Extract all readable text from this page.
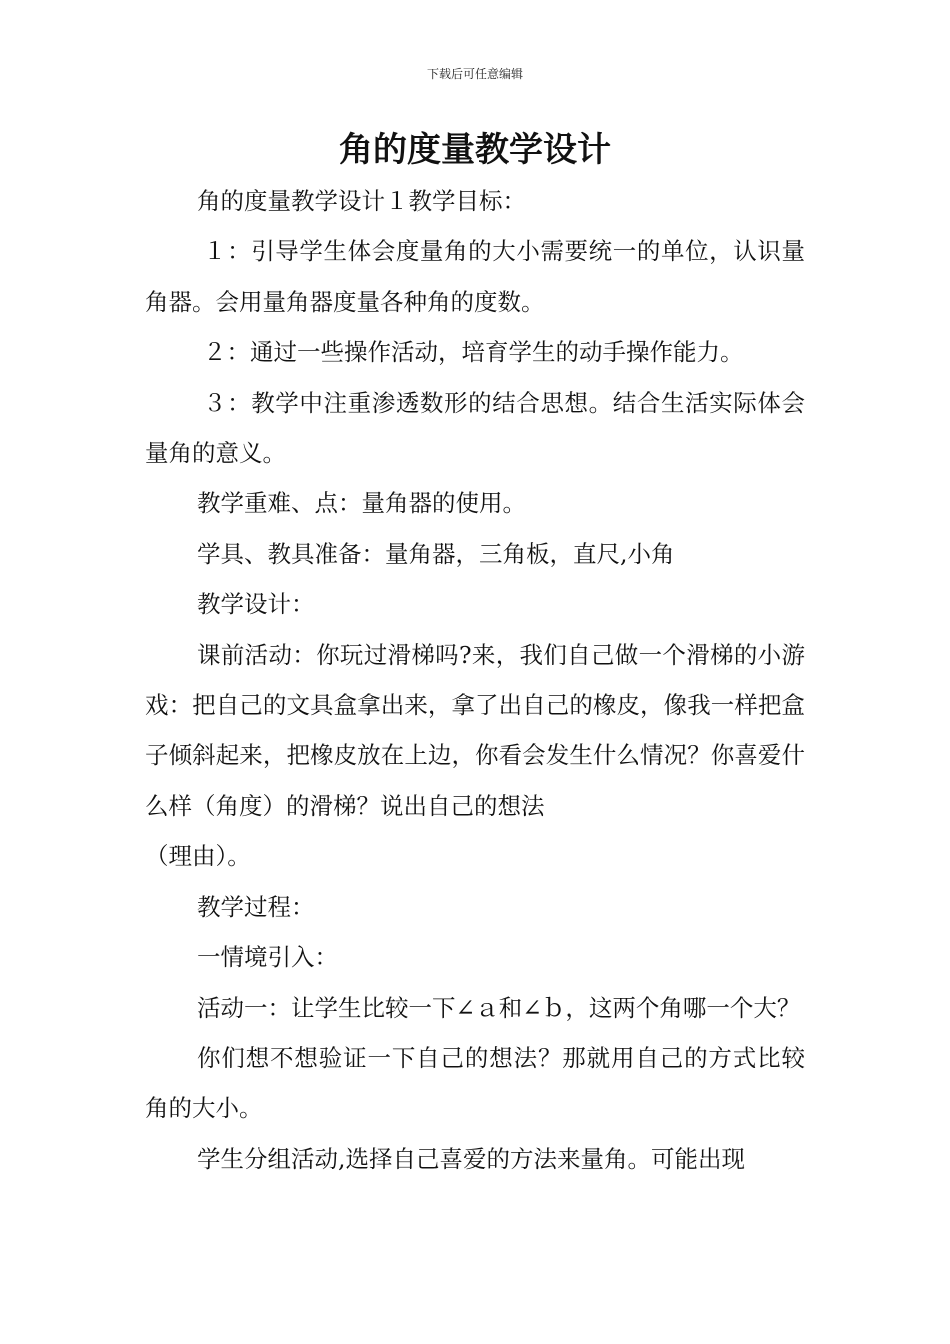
下载后可任意编辑
角的度量教学设计

角的度量教学设计１教学目标：

１：引导学生体会度量角的大小需要统一的单位，认识量角器。会用量角器度量各种角的度数。

２：通过一些操作活动，培育学生的动手操作能力。

３：教学中注重渗透数形的结合思想。结合生活实际体会量角的意义。

教学重难、点：量角器的使用。

学具、教具准备：量角器，三角板，直尺,小角

教学设计：

课前活动：你玩过滑梯吗?来，我们自己做一个滑梯的小游戏：把自己的文具盒拿出来，拿了出自己的橡皮，像我一样把盒子倾斜起来，把橡皮放在上边，你看会发生什么情况？你喜爱什么样（角度）的滑梯？说出自己的想法

（理由）。

教学过程：

一情境引入：

活动一：让学生比较一下∠ａ和∠ｂ，这两个角哪一个大？

你们想不想验证一下自己的想法？那就用自己的方式比较角的大小。

学生分组活动,选择自己喜爱的方法来量角。可能出现
